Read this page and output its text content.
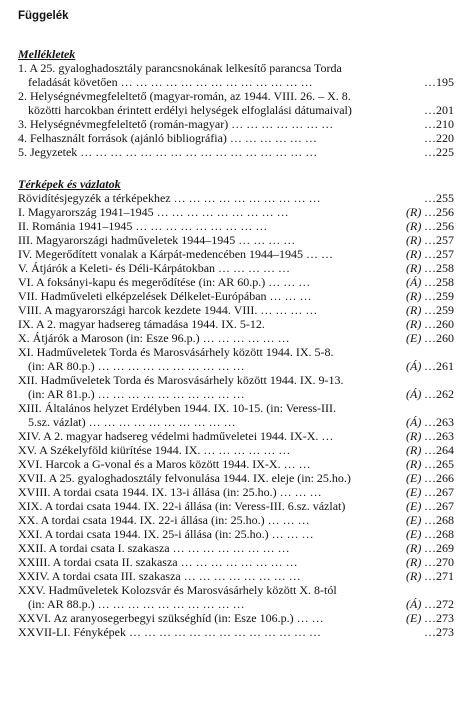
Függelék
Mellékletek
1. A 25. gyaloghadosztály parancsnokának lelkesítő parancsa Torda
feladását követően … … … … … … … … … … … … …	… 195
2. Helységnévmegfeleltető (magyar-román, az 1944. VIII. 26. – X. 8.
közötti harcokban érintett erdélyi helységek elfoglalási dátumaival)	… 201
3. Helységnévmegfeleltető (román-magyar) … … … … … … …	… 210
4. Felhasznált források (ajánló bibliográfia) … … … … … …	… 220
5. Jegyzetek … … … … … … … … … … … … … … … …	… 225
Térképek és vázlatok
Rövidítésjegyzék a térképekhez … … … … … … … … … …	… 255
I. Magyarország 1941–1945 … … … … … … … … …	(R)	… 256
II. Románia 1941–1945 … … … … … … … … …	(R)	… 256
III. Magyarországi hadműveletek 1944–1945 … … … …	(R)	… 257
IV. Megerődített vonalak a Kárpát-medencében 1944–1945 … …	(R)	… 257
V. Átjárók a Keleti- és Déli-Kárpátokban … … … … …	(R)	… 258
VI. A foksányi-kapu és megerődítése (in: AR 60.p.) … … …	(Á)	… 258
VII. Hadműveleti elképzelések Délkelet-Európában … … …	(R)	… 259
VIII. A magyarországi harcok kezdete 1944. VIII. … … … …	(R)	… 259
IX. A 2. magyar hadsereg támadása 1944. IX. 5-12.	(R)	… 260
X. Átjárók a Maroson (in: Esze 96.p.) … … … … … …	(E)	… 260
XI. Hadműveletek Torda és Marosvásárhely között 1944. IX. 5-8.
(in: AR 80.p.) … … … … … … … … … …	(Á)	… 261
XII. Hadműveletek Torda és Marosvásárhely között 1944. IX. 9-13.
(in: AR 81.p.) … … … … … … … … … …	(Á)	… 262
XIII. Általános helyzet Erdélyben 1944. IX. 10-15. (in: Veress-III.
5.sz. vázlat) … … … … … … … … … …	(Á)	… 263
XIV. A 2. magyar hadsereg védelmi hadműveletei 1944. IX-X. …	(R)	… 263
XV. A Székelyföld kiürítése 1944. IX. … … … … … …	(R)	… 264
XVI. Harcok a G-vonal és a Maros között 1944. IX-X. … …	(R)	… 265
XVII. A 25. gyaloghadosztály felvonulása 1944. IX. eleje (in: 25.ho.)	(E)	… 266
XVIII. A tordai csata 1944. IX. 13-i állása (in: 25.ho.) … … …	(E)	… 267
XIX. A tordai csata 1944. IX. 22-i állása (in: Veress-III. 6.sz. vázlat)	(E)	… 267
XX. A tordai csata 1944. IX. 22-i állása (in: 25.ho.) … … …	(E)	… 268
XXI. A tordai csata 1944. IX. 25-i állása (in: 25.ho.) … … …	(E)	… 268
XXII. A tordai csata I. szakasza … … … … … … … …	(R)	… 269
XXIII. A tordai csata II. szakasza … … … … … … … …	(R)	… 270
XXIV. A tordai csata III. szakasza … … … … … … … …	(R)	… 271
XXV. Hadműveletek Kolozsvár és Marosvásárhely között X. 8-tól
(in: AR 88.p.) … … … … … … … … … …	(Á)	… 272
XXVI. Az aranyosegerbegyi szükséghíd (in: Esze 106.p.) … …	(E)	… 273
XXVII-LI. Fényképek … … … … … … … … … … … … …	… 273
